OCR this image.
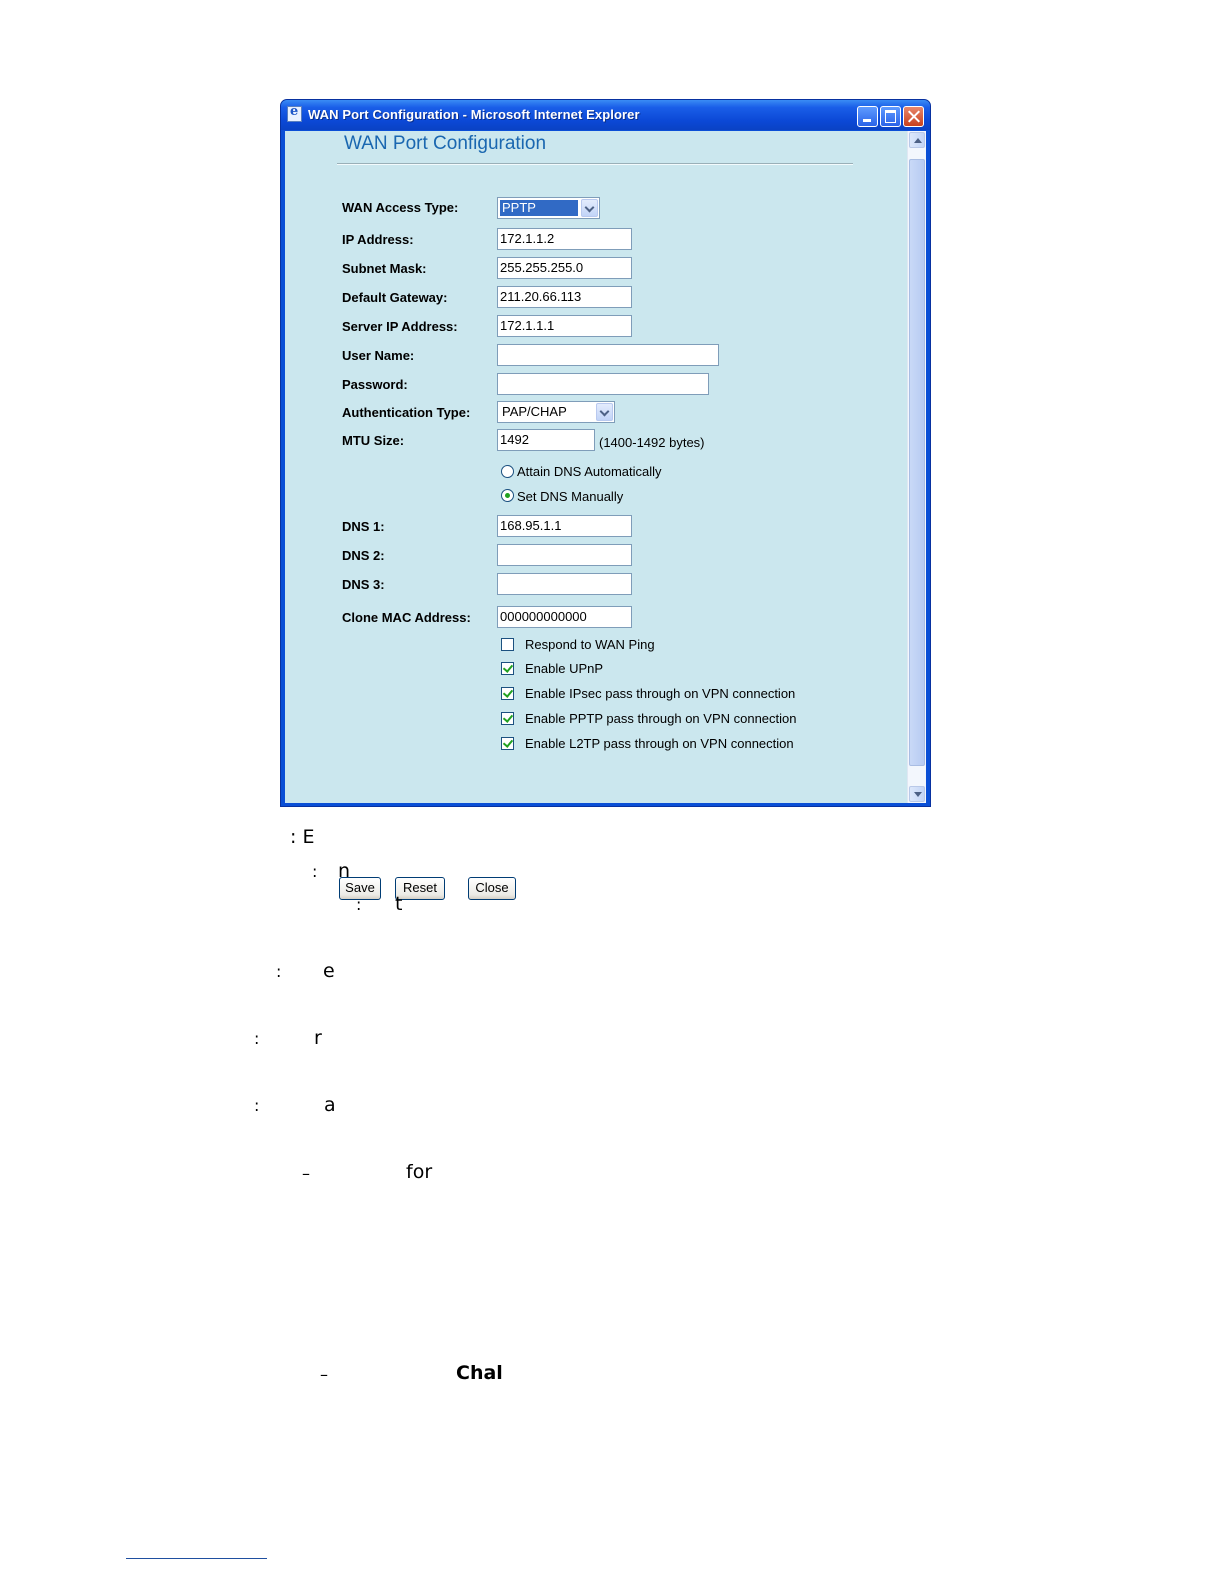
e
WAN Port Configuration - Microsoft Internet Explorer
WAN Port Configuration
WAN Access Type:	PPTP
IP Address:	172.1.1.2
Subnet Mask:	255.255.255.0
Default Gateway:	211.20.66.113
Server IP Address:	172.1.1.1
User Name:
Password:
Authentication Type: PAP/CHAP
MTU Size:	1492	(1400-1492 bytes)
Attain DNS Automatically
Set DNS Manually
DNS 1:	168.95.1.1
DNS 2:
DNS 3:
Clone MAC Address: 000000000000
Respond to WAN Ping
Enable UPnP
Enable IPsec pass through on VPN connection
Enable PPTP pass through on VPN connection
Enable L2TP pass through on VPN connection
Save	Reset	Close
: E
: n
: t
: e
:	r
:	a
–	for
–	Chal
